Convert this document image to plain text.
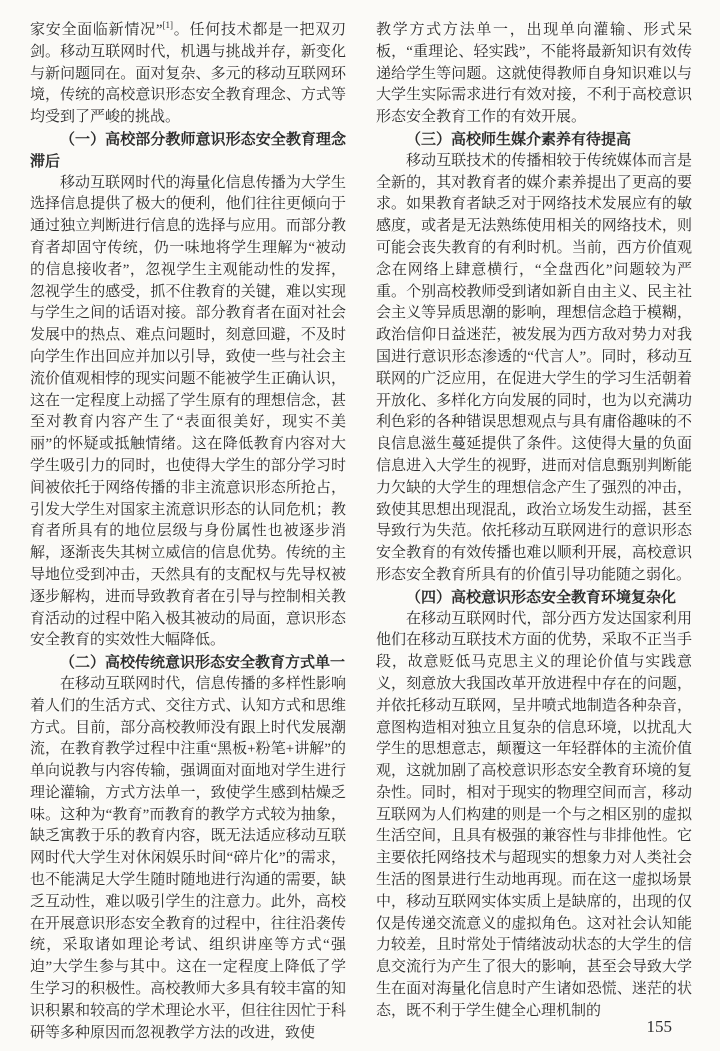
家安全面临新情况”[1]。任何技术都是一把双刃剑。移动互联网时代，机遇与挑战并存，新变化与新问题同在。面对复杂、多元的移动互联网环境，传统的高校意识形态安全教育理念、方式等均受到了严峻的挑战。

（一）高校部分教师意识形态安全教育理念滞后

移动互联网时代的海量化信息传播为大学生选择信息提供了极大的便利，他们往往更倾向于通过独立判断进行信息的选择与应用。而部分教育者却固守传统，仍一味地将学生理解为“被动的信息接收者”，忽视学生主观能动性的发挥，忽视学生的感受，抓不住教育的关键，难以实现与学生之间的话语对接。部分教育者在面对社会发展中的热点、难点问题时，刻意回避，不及时向学生作出回应并加以引导，致使一些与社会主流价值观相悖的现实问题不能被学生正确认识，这在一定程度上动摇了学生原有的理想信念，甚至对教育内容产生了“表面很美好，现实不美丽”的怀疑或抵触情绪。这在降低教育内容对大学生吸引力的同时，也使得大学生的部分学习时间被依托于网络传播的非主流意识形态所抢占，引发大学生对国家主流意识形态的认同危机；教育者所具有的地位层级与身份属性也被逐步消解，逐渐丧失其树立威信的信息优势。传统的主导地位受到冲击，天然具有的支配权与先导权被逐步解构，进而导致教育者在引导与控制相关教育活动的过程中陷入极其被动的局面，意识形态安全教育的实效性大幅降低。

（二）高校传统意识形态安全教育方式单一

在移动互联网时代，信息传播的多样性影响着人们的生活方式、交往方式、认知方式和思维方式。目前，部分高校教师没有跟上时代发展潮流，在教育教学过程中注重“黑板+粉笔+讲解”的单向说教与内容传输，强调面对面地对学生进行理论灌输，方式方法单一，致使学生感到枯燥乏味。这种为“教育”而教育的教学方式较为抽象，缺乏寓教于乐的教育内容，既无法适应移动互联网时代大学生对休闲娱乐时间“碎片化”的需求，也不能满足大学生随时随地进行沟通的需要，缺乏互动性，难以吸引学生的注意力。此外，高校在开展意识形态安全教育的过程中，往往沿袭传统，采取诸如理论考试、组织讲座等方式“强迫”大学生参与其中。这在一定程度上降低了学生学习的积极性。高校教师大多具有较丰富的知识积累和较高的学术理论水平，但往往因忙于科研等多种原因而忽视教学方法的改进，致使

教学方式方法单一，出现单向灌输、形式呆板，“重理论、轻实践”，不能将最新知识有效传递给学生等问题。这就使得教师自身知识难以与大学生实际需求进行有效对接，不利于高校意识形态安全教育工作的有效开展。

（三）高校师生媒介素养有待提高

移动互联技术的传播相较于传统媒体而言是全新的，其对教育者的媒介素养提出了更高的要求。如果教育者缺乏对于网络技术发展应有的敏感度，或者是无法熟练使用相关的网络技术，则可能会丧失教育的有利时机。当前，西方价值观念在网络上肆意横行，“全盘西化”问题较为严重。个别高校教师受到诸如新自由主义、民主社会主义等异质思潮的影响，理想信念趋于模糊，政治信仰日益迷茫，被发展为西方敌对势力对我国进行意识形态渗透的“代言人”。同时，移动互联网的广泛应用，在促进大学生的学习生活朝着开放化、多样化方向发展的同时，也为以充满功利色彩的各种错误思想观点与具有庸俗趣味的不良信息滋生蔓延提供了条件。这使得大量的负面信息进入大学生的视野，进而对信息甄别判断能力欠缺的大学生的理想信念产生了强烈的冲击，致使其思想出现混乱，政治立场发生动摇，甚至导致行为失范。依托移动互联网进行的意识形态安全教育的有效传播也难以顺利开展，高校意识形态安全教育所具有的价值引导功能随之弱化。

（四）高校意识形态安全教育环境复杂化

在移动互联网时代，部分西方发达国家利用他们在移动互联技术方面的优势，采取不正当手段，故意贬低马克思主义的理论价值与实践意义，刻意放大我国改革开放进程中存在的问题，并依托移动互联网，呈井喷式地制造各种杂音，意图构造相对独立且复杂的信息环境，以扰乱大学生的思想意志，颠覆这一年轻群体的主流价值观，这就加剧了高校意识形态安全教育环境的复杂性。同时，相对于现实的物理空间而言，移动互联网为人们构建的则是一个与之相区别的虚拟生活空间，且具有极强的兼容性与非排他性。它主要依托网络技术与超现实的想象力对人类社会生活的图景进行生动地再现。而在这一虚拟场景中，移动互联网实体实质上是缺席的，出现的仅仅是传递交流意义的虚拟角色。这对社会认知能力较差，且时常处于情绪波动状态的大学生的信息交流行为产生了很大的影响，甚至会导致大学生在面对海量化信息时产生诸如恐慌、迷茫的状态，既不利于学生健全心理机制的

155
